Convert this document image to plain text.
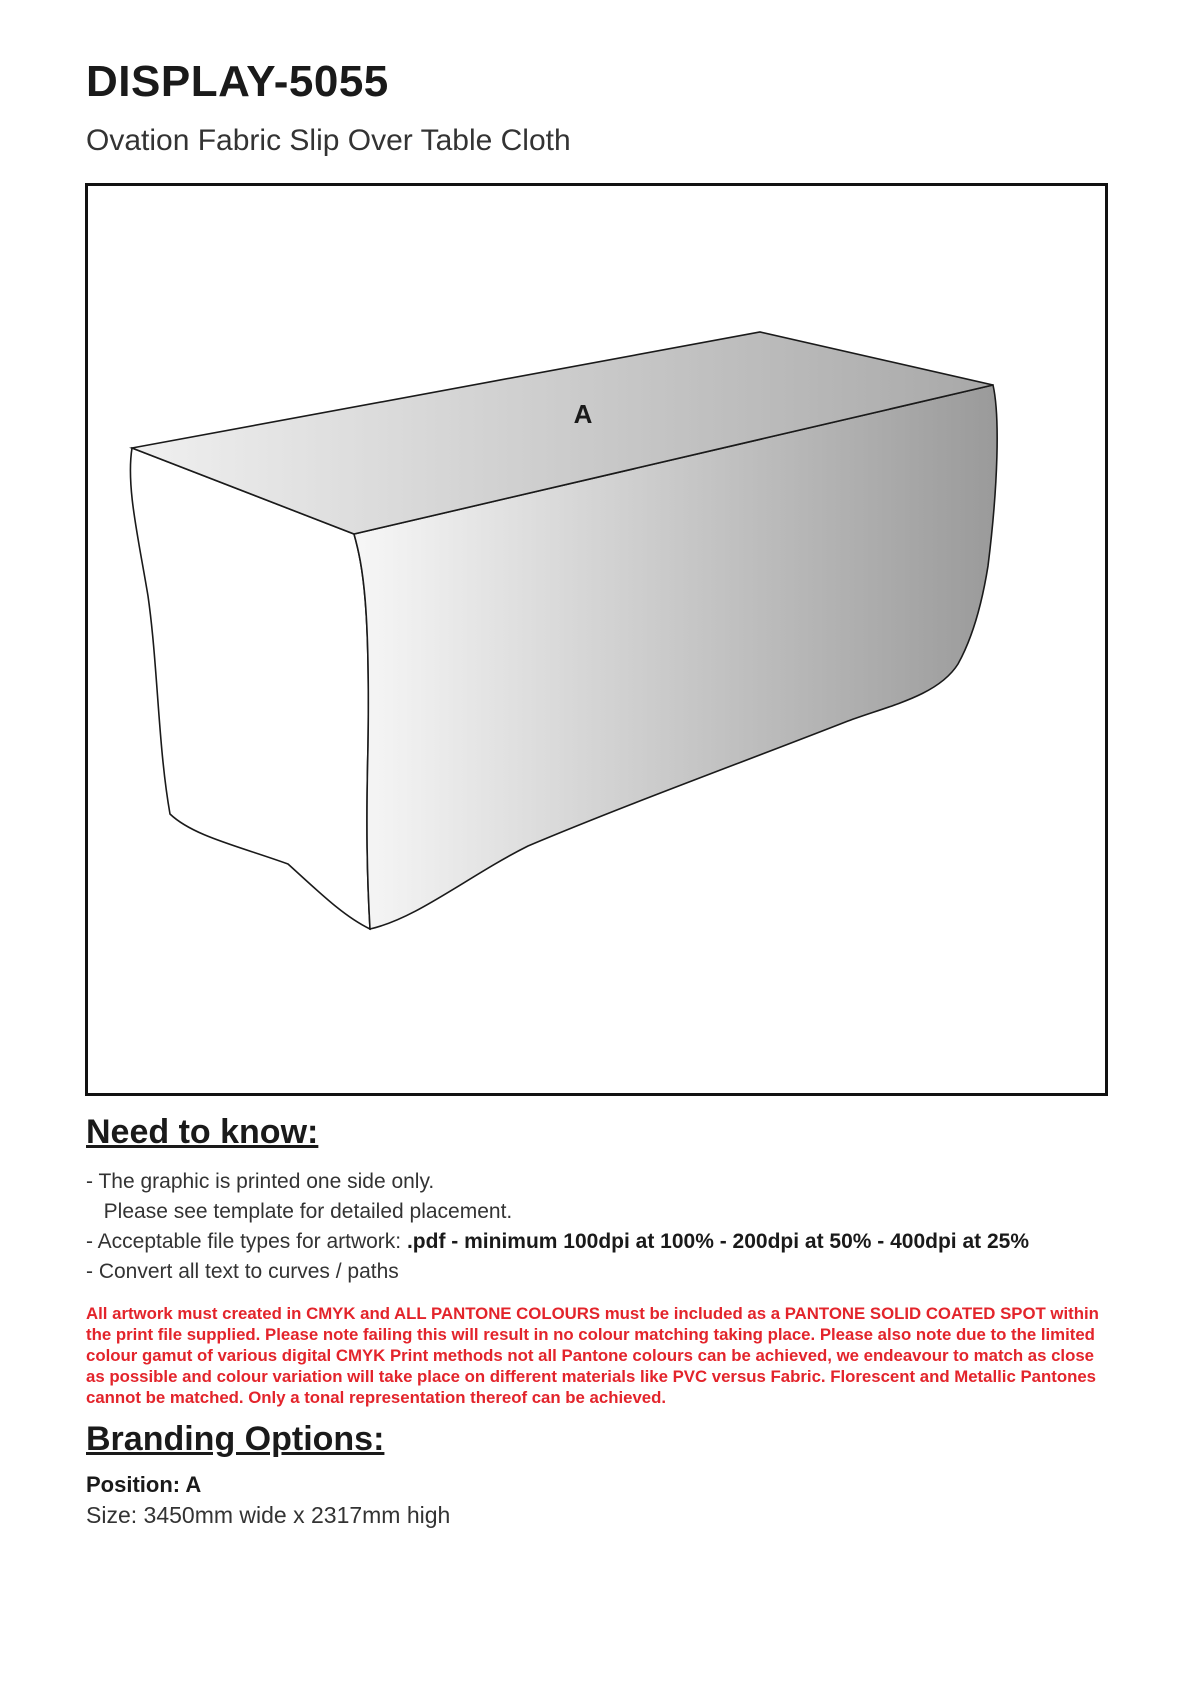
DISPLAY-5055

Ovation Fabric Slip Over Table Cloth

A
Need to know:
- The graphic is printed one side only.
Please see template for detailed placement.
- Acceptable file types for artwork: .pdf - minimum 100dpi at 100% - 200dpi at 50% - 400dpi at 25%
- Convert all text to curves / paths
All artwork must created in CMYK and ALL PANTONE COLOURS must be included as a PANTONE SOLID COATED SPOT within the print file supplied. Please note failing this will result in no colour matching taking place. Please also note due to the limited colour gamut of various digital CMYK Print methods not all Pantone colours can be achieved, we endeavour to match as close as possible and colour variation will take place on different materials like PVC versus Fabric. Florescent and Metallic Pantones cannot be matched. Only a tonal representation thereof can be achieved.
Branding Options:
Position: A
Size: 3450mm wide x 2317mm high
